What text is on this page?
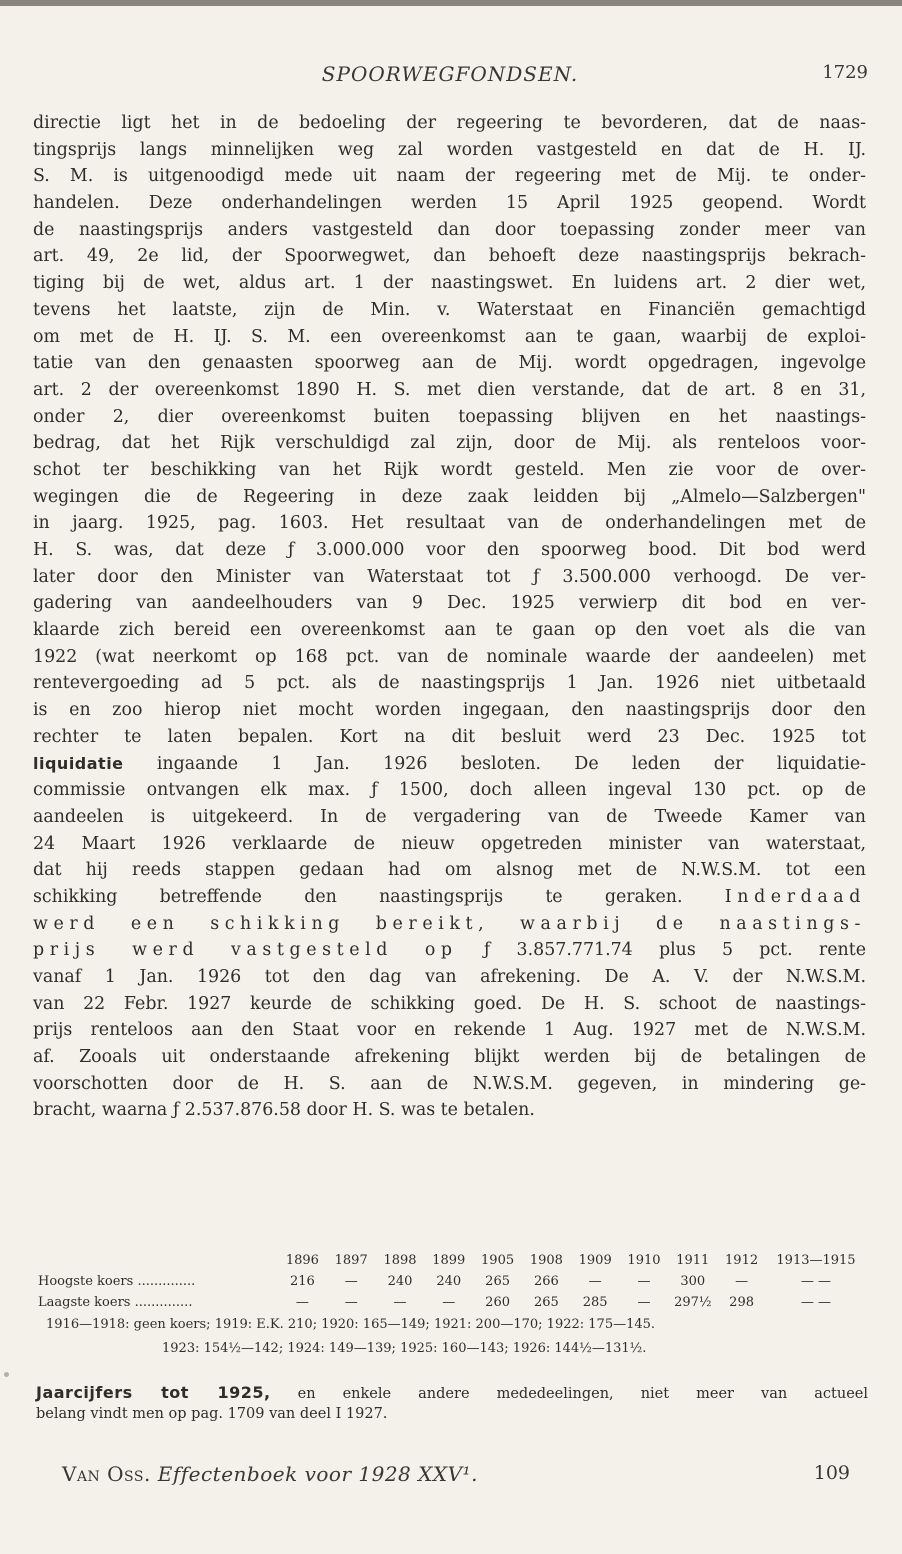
SPOORWEGFONDSEN.	1729
directie ligt het in de bedoeling der regeering te bevorderen, dat de naas-
tingsprijs langs minnelijken weg zal worden vastgesteld en dat de H. IJ.
S. M. is uitgenoodigd mede uit naam der regeering met de Mij. te onder-
handelen. Deze onderhandelingen werden 15 April 1925 geopend. Wordt
de naastingsprijs anders vastgesteld dan door toepassing zonder meer van
art. 49, 2e lid, der Spoorwegwet, dan behoeft deze naastingsprijs bekrach-
tiging bij de wet, aldus art. 1 der naastingswet. En luidens art. 2 dier wet,
tevens het laatste, zijn de Min. v. Waterstaat en Financiën gemachtigd
om met de H. IJ. S. M. een overeenkomst aan te gaan, waarbij de exploi-
tatie van den genaasten spoorweg aan de Mij. wordt opgedragen, ingevolge
art. 2 der overeenkomst 1890 H. S. met dien verstande, dat de art. 8 en 31,
onder 2, dier overeenkomst buiten toepassing blijven en het naastings-
bedrag, dat het Rijk verschuldigd zal zijn, door de Mij. als renteloos voor-
schot ter beschikking van het Rijk wordt gesteld. Men zie voor de over-
wegingen die de Regeering in deze zaak leidden bij „Almelo—Salzbergen"
in jaarg. 1925, pag. 1603. Het resultaat van de onderhandelingen met de
H. S. was, dat deze ƒ 3.000.000 voor den spoorweg bood. Dit bod werd
later door den Minister van Waterstaat tot ƒ 3.500.000 verhoogd. De ver-
gadering van aandeelhouders van 9 Dec. 1925 verwierp dit bod en ver-
klaarde zich bereid een overeenkomst aan te gaan op den voet als die van
1922 (wat neerkomt op 168 pct. van de nominale waarde der aandeelen) met
rentevergoeding ad 5 pct. als de naastingsprijs 1 Jan. 1926 niet uitbetaald
is en zoo hierop niet mocht worden ingegaan, den naastingsprijs door den
rechter te laten bepalen. Kort na dit besluit werd 23 Dec. 1925 tot
liquidatie ingaande 1 Jan. 1926 besloten. De leden der liquidatie-
commissie ontvangen elk max. ƒ 1500, doch alleen ingeval 130 pct. op de
aandeelen is uitgekeerd. In de vergadering van de Tweede Kamer van
24 Maart 1926 verklaarde de nieuw opgetreden minister van waterstaat,
dat hij reeds stappen gedaan had om alsnog met de N.W.S.M. tot een
schikking betreffende den naastingsprijs te geraken. Inderdaad
werd een schikking bereikt, waarbij de naastings-
prijs werd vastgesteld op ƒ 3.857.771.74 plus 5 pct. rente
vanaf 1 Jan. 1926 tot den dag van afrekening. De A. V. der N.W.S.M.
van 22 Febr. 1927 keurde de schikking goed. De H. S. schoot de naastings-
prijs renteloos aan den Staat voor en rekende 1 Aug. 1927 met de N.W.S.M.
af. Zooals uit onderstaande afrekening blijkt werden bij de betalingen de
voorschotten door de H. S. aan de N.W.S.M. gegeven, in mindering ge-
bracht, waarna ƒ 2.537.876.58 door H. S. was te betalen.
	1896	1897	1898	1899	1905	1908	1909	1910	1911	1912	1913—1915
Hoogste koers ..............	216	—	240	240	265	266	—	—	300	—	— —
Laagste koers ..............	—	—	—	—	260	265	285	—	297½	298	— —
1916—1918: geen koers; 1919: E.K. 210; 1920: 165—149; 1921: 200—170; 1922: 175—145.
1923: 154½—142; 1924: 149—139; 1925: 160—143; 1926: 144½—131½.
Jaarcijfers tot 1925, en enkele andere mededeelingen, niet meer van actueel
belang vindt men op pag. 1709 van deel I 1927.
Van Oss. Effectenboek voor 1928 XXV¹.	109
